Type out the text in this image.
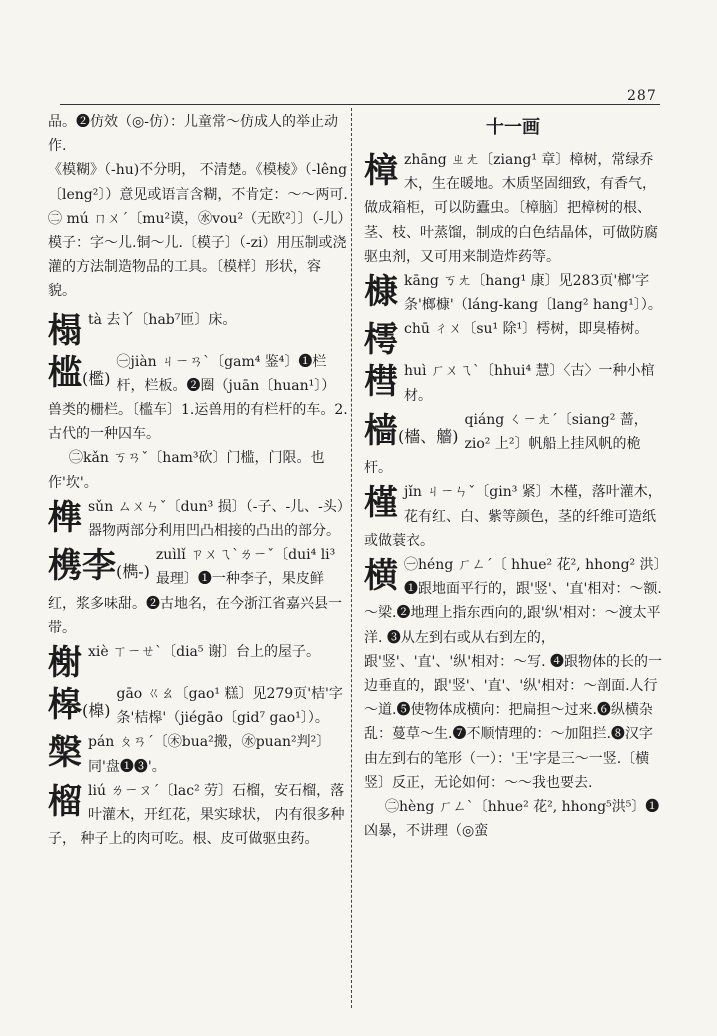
287

品。❷仿效（◎-仿）：儿童常～仿成人的举止动作.

《模糊》（-hu)不分明， 不清楚。《模棱》（-lêng〔leng²〕）意见或语言含糊，不肯定：～～两可.

㊁ mú ㄇㄨˊ〔mu²谟，㊌vou²（无欧²〕〕（-儿）模子：字～儿.铜～儿.〔模子〕（-zi）用压制或浇灌的方法制造物品的工具。〔模样〕形状，容貌。

榻 tà 去丫〔hab⁷匝〕床。

槛(檻)

㊀jiàn ㄐㄧㄢˋ〔gam⁴ 鉴⁴〕❶栏杆，栏板。❷圈（juān〔huan¹〕）兽类的栅栏。〔槛车〕1.运兽用的有栏杆的车。2.古代的一种囚车。

㊁kǎn ㄎㄢˇ〔ham³砍〕门槛，门限。也作'坎'。

榫 sǔn ㄙㄨㄣˇ〔dun³ 损〕（-子、-儿、-头）器物两部分利用凹凸相接的凸出的部分。

槜李(檇-)

zuìlǐ ㄗㄨㄟˋㄌㄧˇ〔dui⁴ li³ 最理〕❶一种李子，果皮鲜红，浆多味甜。❷古地名，在今浙江省嘉兴县一带。

榭 xiè ㄒㄧㄝˋ〔dia⁵ 谢〕台上的屋子。

槔(橰)

gāo ㄍㄠ〔gao¹ 糕〕见279页'桔'字条'桔槔'（jiégāo〔gid⁷ gao¹〕）。

槃 pán ㄆㄢˊ〔㊍bua²搬，㊌puan²判²〕同'盘❶❸'。

榴 liú ㄌㄧㄡˊ〔lac² 劳〕石榴，安石榴，落叶灌木，开红花，果实球状， 内有很多种子， 种子上的肉可吃。根、皮可做驱虫药。

十一画
樟 zhāng ㄓㄤ〔ziang¹ 章〕樟树，常绿乔木，生在暖地。木质坚固细致，有香气，做成箱柜，可以防蠹虫。〔樟脑〕把樟树的根、茎、枝、叶蒸馏，制成的白色结晶体，可做防腐驱虫剂，又可用来制造炸药等。

槺 kāng ㄎㄤ〔hang¹ 康〕见283页'榔'字条'榔槺'（láng-kang〔lang² hang¹〕）。

樗 chū ㄔㄨ〔su¹ 除¹〕樗树，即臭椿树。

槥 huì ㄏㄨㄟˋ〔hhui⁴ 慧〕〈古〉一种小棺材。

樯(檣、艢)

qiáng ㄑㄧㄤˊ〔siang² 蔷， zio² 上²〕帆船上挂风帆的桅杆。

槿 jǐn ㄐㄧㄣˇ〔gin³ 紧〕木槿，落叶灌木，花有红、白、紫等颜色，茎的纤维可造纸或做蓑衣。

横 ㊀héng ㄏㄥˊ〔 hhue² 花², hhong² 洪〕❶跟地面平行的，跟'竖'、'直'相对：～额.～梁.❷地理上指东西向的,跟'纵'相对：～渡太平洋. ❸从左到右或从右到左的，跟'竖'、'直'、'纵'相对：～写. ❹跟物体的长的一边垂直的，跟'竖'、'直'、'纵'相对：～剖面.人行～道.❺使物体成横向：把扁担～过来.❻纵横杂乱：蔓草～生.❼不顺情理的：～加阻拦.❽汉字由左到右的笔形（一）：'王'字是三～一竖.〔横竖〕反正，无论如何：～～我也要去.

㊁hèng ㄏㄥˋ〔hhue² 花², hhong⁵洪⁵〕❶凶暴，不讲理（◎蛮
